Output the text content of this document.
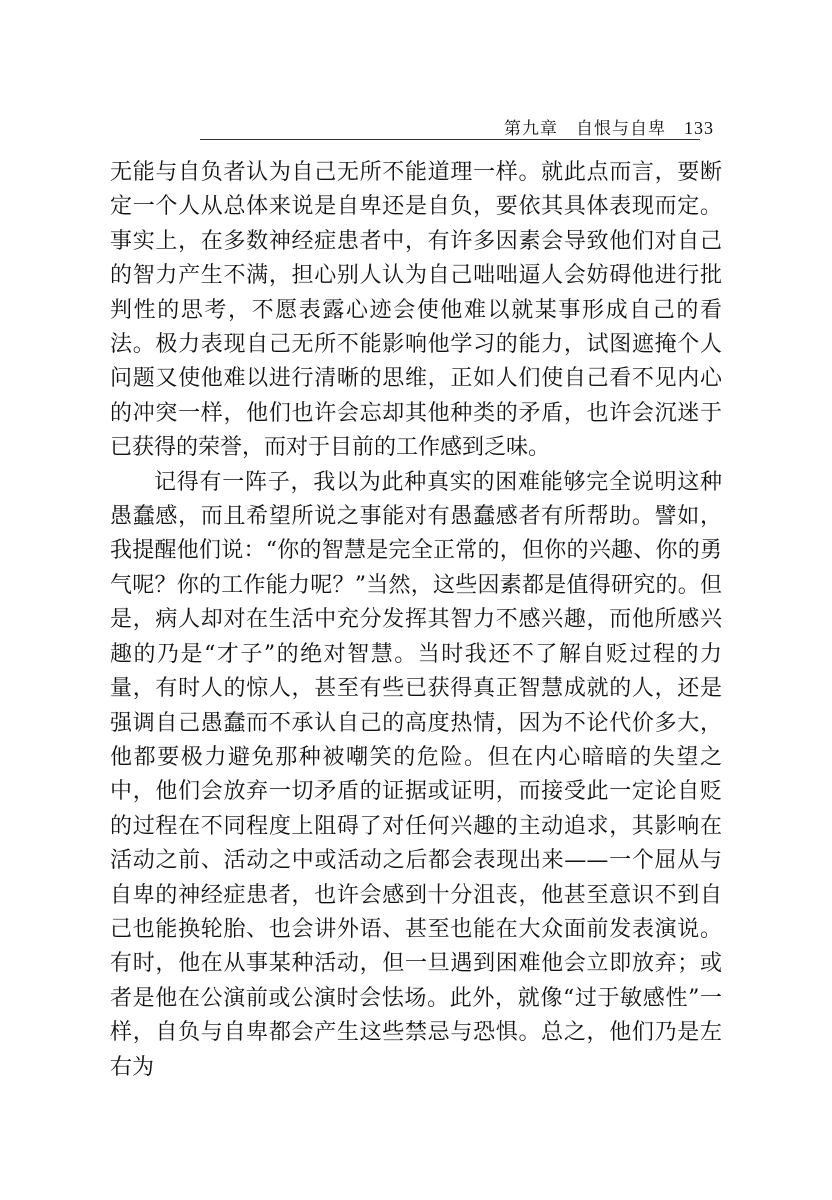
第九章　自恨与自卑 133

无能与自负者认为自己无所不能道理一样。就此点而言，要断定一个人从总体来说是自卑还是自负，要依其具体表现而定。事实上，在多数神经症患者中，有许多因素会导致他们对自己的智力产生不满，担心别人认为自己咄咄逼人会妨碍他进行批判性的思考，不愿表露心迹会使他难以就某事形成自己的看法。极力表现自己无所不能影响他学习的能力，试图遮掩个人问题又使他难以进行清晰的思维，正如人们使自己看不见内心的冲突一样，他们也许会忘却其他种类的矛盾，也许会沉迷于已获得的荣誉，而对于目前的工作感到乏味。

记得有一阵子，我以为此种真实的困难能够完全说明这种愚蠢感，而且希望所说之事能对有愚蠢感者有所帮助。譬如，我提醒他们说：“你的智慧是完全正常的，但你的兴趣、你的勇气呢？你的工作能力呢？”当然，这些因素都是值得研究的。但是，病人却对在生活中充分发挥其智力不感兴趣，而他所感兴趣的乃是“才子”的绝对智慧。当时我还不了解自贬过程的力量，有时人的惊人，甚至有些已获得真正智慧成就的人，还是强调自己愚蠢而不承认自己的高度热情，因为不论代价多大，他都要极力避免那种被嘲笑的危险。但在内心暗暗的失望之中，他们会放弃一切矛盾的证据或证明，而接受此一定论自贬的过程在不同程度上阻碍了对任何兴趣的主动追求，其影响在活动之前、活动之中或活动之后都会表现出来——一个屈从与自卑的神经症患者，也许会感到十分沮丧，他甚至意识不到自己也能换轮胎、也会讲外语、甚至也能在大众面前发表演说。有时，他在从事某种活动，但一旦遇到困难他会立即放弃；或者是他在公演前或公演时会怯场。此外，就像“过于敏感性”一样，自负与自卑都会产生这些禁忌与恐惧。总之，他们乃是左右为
